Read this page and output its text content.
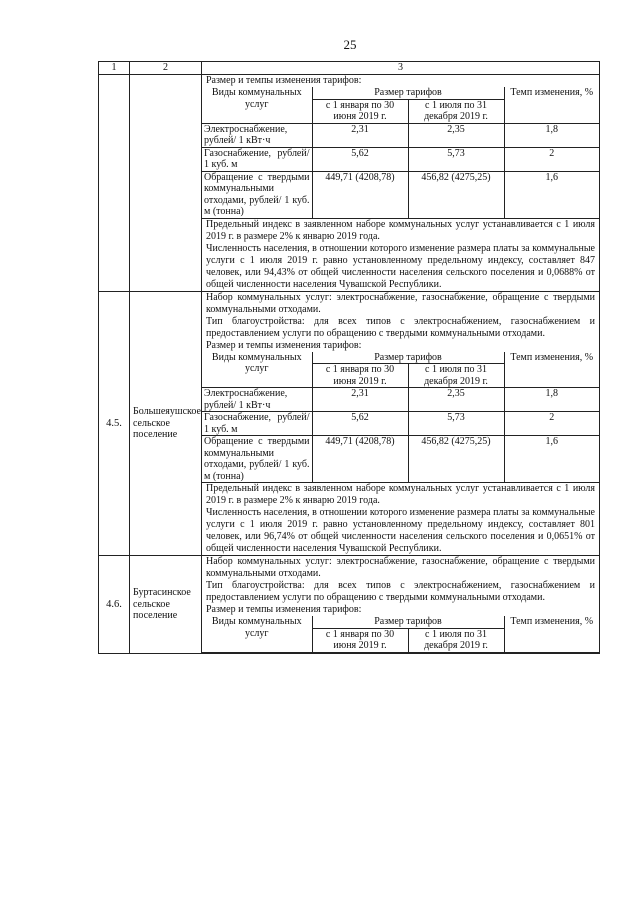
25
1	2	3

Размер и темпы изменения тарифов:
Виды коммунальных услуг	Размер тарифов	Темп изменения, %
с 1 января по 30 июня 2019 г.	с 1 июля по 31 декабря 2019 г.
Электроснабжение, рублей/ 1 кВт·ч	2,31	2,35	1,8
Газоснабжение, рублей/ 1 куб. м	5,62	5,73	2
Обращение с твердыми коммунальными отходами, рублей/ 1 куб. м (тонна)	449,71 (4208,78)	456,82 (4275,25)	1,6
Предельный индекс в заявленном наборе коммунальных услуг устанавливается с 1 июля 2019 г. в размере 2% к январю 2019 года.
Численность населения, в отношении которого изменение размера платы за коммунальные услуги с 1 июля 2019 г. равно установленному предельному индексу, составляет 847 человек, или 94,43% от общей численности населения сельского поселения и 0,0688% от общей численности населения Чувашской Республики.

4.5.	Большеяушское сельское поселение	
Набор коммунальных услуг: электроснабжение, газоснабжение, обращение с твердыми коммунальными отходами.
Тип благоустройства: для всех типов с электроснабжением, газоснабжением и предоставлением услуги по обращению с твердыми коммунальными отходами.
Размер и темпы изменения тарифов:
Виды коммунальных услуг	Размер тарифов	Темп изменения, %
с 1 января по 30 июня 2019 г.	с 1 июля по 31 декабря 2019 г.
Электроснабжение, рублей/ 1 кВт·ч	2,31	2,35	1,8
Газоснабжение, рублей/ 1 куб. м	5,62	5,73	2
Обращение с твердыми коммунальными отходами, рублей/ 1 куб. м (тонна)	449,71 (4208,78)	456,82 (4275,25)	1,6
Предельный индекс в заявленном наборе коммунальных услуг устанавливается с 1 июля 2019 г. в размере 2% к январю 2019 года.
Численность населения, в отношении которого изменение размера платы за коммунальные услуги с 1 июля 2019 г. равно установленному предельному индексу, составляет 801 человек, или 96,74% от общей численности населения сельского поселения и 0,0651% от общей численности населения Чувашской Республики.

4.6.	Буртасинское сельское поселение	
Набор коммунальных услуг: электроснабжение, газоснабжение, обращение с твердыми коммунальными отходами.
Тип благоустройства: для всех типов с электроснабжением, газоснабжением и предоставлением услуги по обращению с твердыми коммунальными отходами.
Размер и темпы изменения тарифов:
Виды коммунальных услуг	Размер тарифов	Темп изменения, %
с 1 января по 30 июня 2019 г.	с 1 июля по 31 декабря 2019 г.
